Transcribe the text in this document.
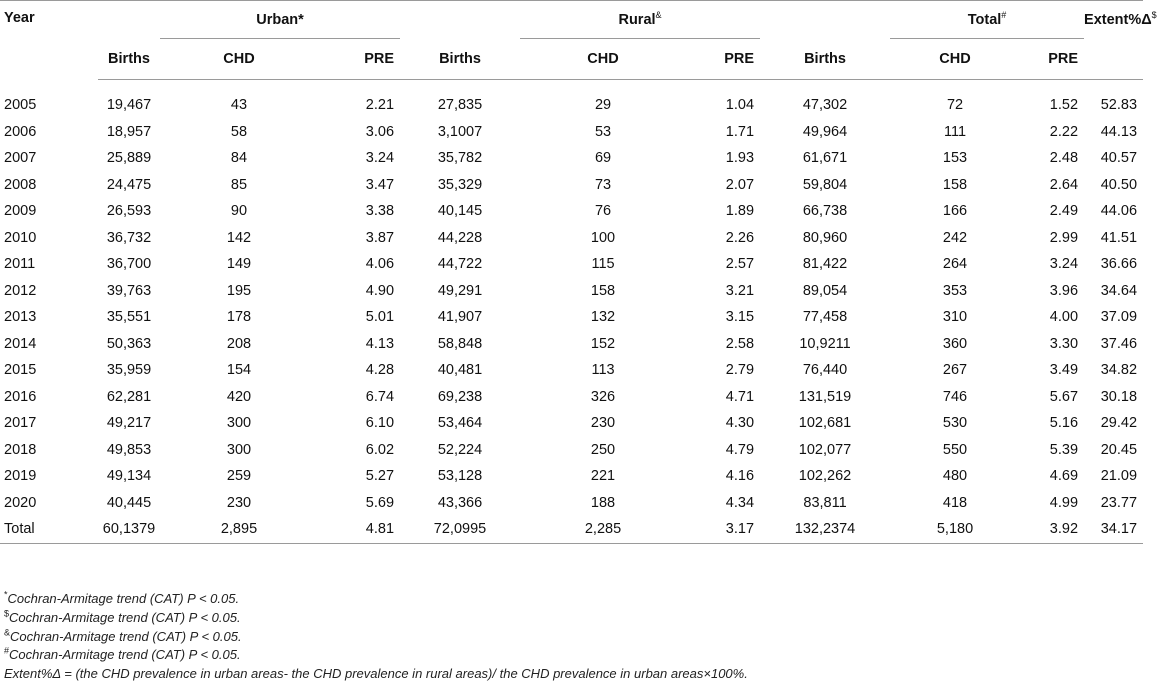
Year		Urban*			Rural&			Total#		Extent%Δ$
	Births	CHD	PRE	Births	CHD	PRE	Births	CHD	PRE	
2005	19,467	43	2.21	27,835	29	1.04	47,302	72	1.52	52.83
2006	18,957	58	3.06	3,1007	53	1.71	49,964	111	2.22	44.13
2007	25,889	84	3.24	35,782	69	1.93	61,671	153	2.48	40.57
2008	24,475	85	3.47	35,329	73	2.07	59,804	158	2.64	40.50
2009	26,593	90	3.38	40,145	76	1.89	66,738	166	2.49	44.06
2010	36,732	142	3.87	44,228	100	2.26	80,960	242	2.99	41.51
2011	36,700	149	4.06	44,722	115	2.57	81,422	264	3.24	36.66
2012	39,763	195	4.90	49,291	158	3.21	89,054	353	3.96	34.64
2013	35,551	178	5.01	41,907	132	3.15	77,458	310	4.00	37.09
2014	50,363	208	4.13	58,848	152	2.58	10,9211	360	3.30	37.46
2015	35,959	154	4.28	40,481	113	2.79	76,440	267	3.49	34.82
2016	62,281	420	6.74	69,238	326	4.71	131,519	746	5.67	30.18
2017	49,217	300	6.10	53,464	230	4.30	102,681	530	5.16	29.42
2018	49,853	300	6.02	52,224	250	4.79	102,077	550	5.39	20.45
2019	49,134	259	5.27	53,128	221	4.16	102,262	480	4.69	21.09
2020	40,445	230	5.69	43,366	188	4.34	83,811	418	4.99	23.77
Total	60,1379	2,895	4.81	72,0995	2,285	3.17	132,2374	5,180	3.92	34.17
*Cochran-Armitage trend (CAT) P < 0.05.
$Cochran-Armitage trend (CAT) P < 0.05.
&Cochran-Armitage trend (CAT) P < 0.05.
#Cochran-Armitage trend (CAT) P < 0.05.
Extent%Δ = (the CHD prevalence in urban areas- the CHD prevalence in rural areas)/ the CHD prevalence in urban areas×100%.
